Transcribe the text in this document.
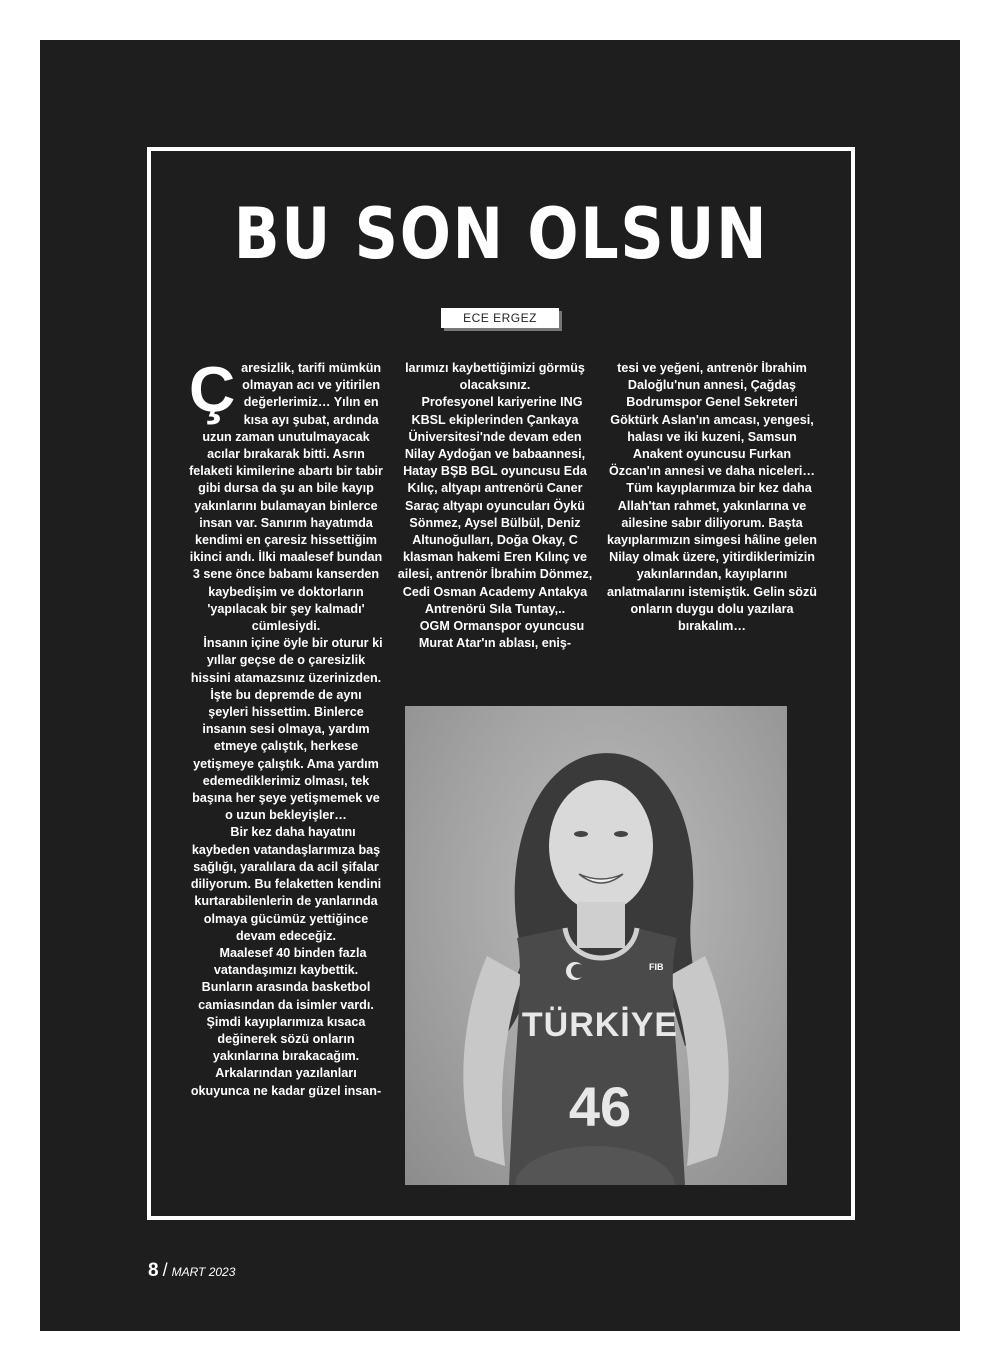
BU SON OLSUN
ECE ERGEZ

Çaresizlik, tarifi mümkün olmayan acı ve yitirilen değerlerimiz… Yılın en kısa ayı şubat, ardında uzun zaman unutulmayacak acılar bırakarak bitti. Asrın felaketi kimilerine abartı bir tabir gibi dursa da şu an bile kayıp yakınlarını bulamayan binlerce insan var. Sanırım hayatımda kendimi en çaresiz hissettiğim ikinci andı. İlki maalesef bundan 3 sene önce babamı kanserden kaybedişim ve doktorların 'yapılacak bir şey kalmadı' cümlesiydi.

İnsanın içine öyle bir oturur ki yıllar geçse de o çaresizlik hissini atamazsınız üzerinizden. İşte bu depremde de aynı şeyleri hissettim. Binlerce insanın sesi olmaya, yardım etmeye çalıştık, herkese yetişmeye çalıştık. Ama yardım edemediklerimiz olması, tek başına her şeye yetişmemek ve o uzun bekleyişler…

Bir kez daha hayatını kaybeden vatandaşlarımıza baş sağlığı, yaralılara da acil şifalar diliyorum. Bu felaketten kendini kurtarabilenlerin de yanlarında olmaya gücümüz yettiğince devam edeceğiz.

Maalesef 40 binden fazla vatandaşımızı kaybettik. Bunların arasında basketbol camiasından da isimler vardı. Şimdi kayıplarımıza kısaca değinerek sözü onların yakınlarına bırakacağım. Arkalarından yazılanları okuyunca ne kadar güzel insan-

larımızı kaybettiğimizi görmüş olacaksınız.

Profesyonel kariyerine ING KBSL ekiplerinden Çankaya Üniversitesi'nde devam eden Nilay Aydoğan ve babaannesi, Hatay BŞB BGL oyuncusu Eda Kılıç, altyapı antrenörü Caner Saraç altyapı oyuncuları Öykü Sönmez, Aysel Bülbül, Deniz Altunoğulları, Doğa Okay, C klasman hakemi Eren Kılınç ve ailesi, antrenör İbrahim Dönmez, Cedi Osman Academy Antakya Antrenörü Sıla Tuntay,..

OGM Ormanspor oyuncusu Murat Atar'ın ablası, eniş-

tesi ve yeğeni, antrenör İbrahim Daloğlu'nun annesi, Çağdaş Bodrumspor Genel Sekreteri Göktürk Aslan'ın amcası, yengesi, halası ve iki kuzeni, Samsun Anakent oyuncusu Furkan Özcan'ın annesi ve daha niceleri…

Tüm kayıplarımıza bir kez daha Allah'tan rahmet, yakınlarına ve ailesine sabır diliyorum. Başta kayıplarımızın simgesi hâline gelen Nilay olmak üzere, yitirdiklerimizin yakınlarından, kayıplarını anlatmalarını istemiştik. Gelin sözü onların duygu dolu yazılara bırakalım…

FIB
TÜRKİYE
46
8 / MART 2023
